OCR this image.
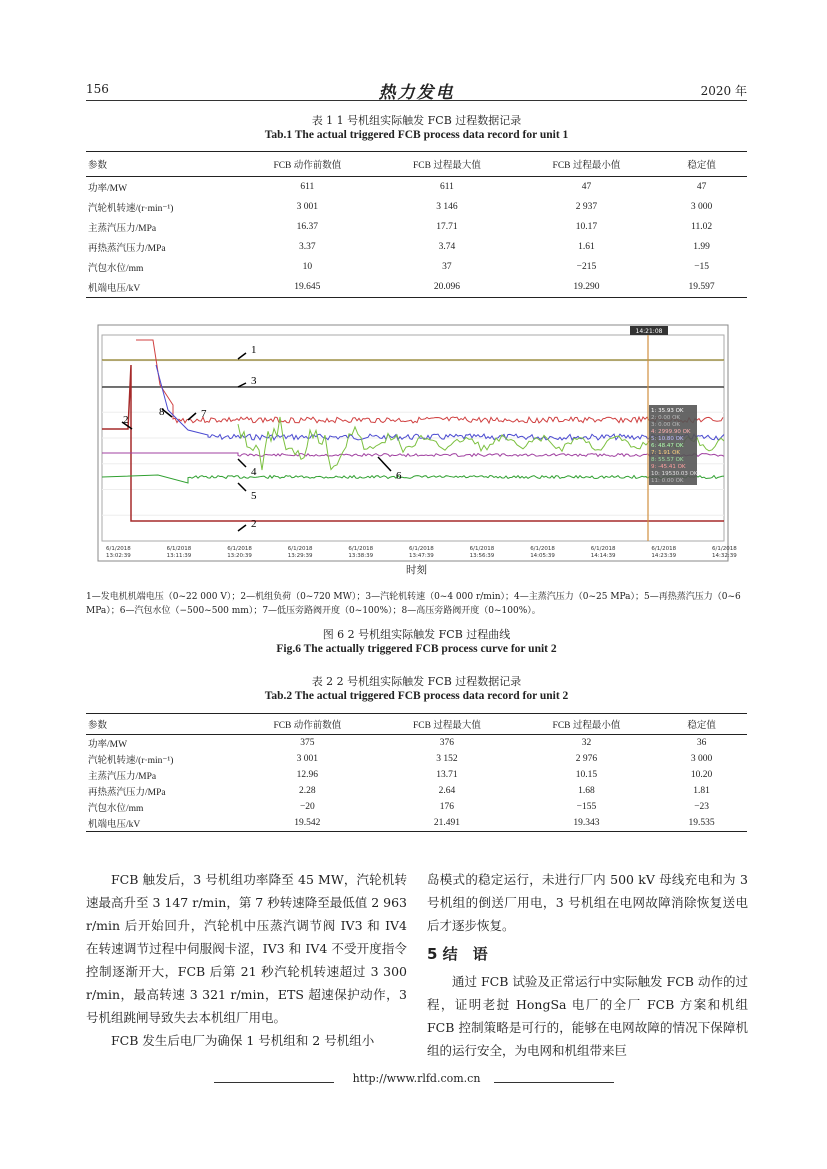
156	热力发电	2020 年
表 1 1 号机组实际触发 FCB 过程数据记录
Tab.1 The actual triggered FCB process data record for unit 1
参数	FCB 动作前数值	FCB 过程最大值	FCB 过程最小值	稳定值
功率/MW	611	611	47	47
汽轮机转速/(r·min⁻¹)	3 001	3 146	2 937	3 000
主蒸汽压力/MPa	16.37	17.71	10.17	11.02
再热蒸汽压力/MPa	3.37	3.74	1.61	1.99
汽包水位/mm	10	37	−215	−15
机端电压/kV	19.645	20.096	19.290	19.597
14:21:08
1: 35.93 OK
2: 0.00 OK
3: 0.00 OK
4: 2999.90 OK
5: 10.80 OK
6: 48.47 OK
7: 1.91 OK
8: 55.57 OK
9: -45.41 OK
10: 19530.03 OK
11: 0.00 OK
1
2
3
4
5
6
7
8
2
6/1/2018
13:02:39
6/1/2018
13:11:39
6/1/2018
13:20:39
6/1/2018
13:29:39
6/1/2018
13:38:39
6/1/2018
13:47:39
6/1/2018
13:56:39
6/1/2018
14:05:39
6/1/2018
14:14:39
6/1/2018
14:23:39
6/1/2018
14:32:39
时刻
1—发电机机端电压（0~22 000 V）；2—机组负荷（0~720 MW）；3—汽轮机转速（0~4 000 r/min）；4—主蒸汽压力（0~25 MPa）；5—再热蒸汽压力（0~6 MPa）；6—汽包水位（−500~500 mm）；7—低压旁路阀开度（0~100%）；8—高压旁路阀开度（0~100%）。
图 6 2 号机组实际触发 FCB 过程曲线
Fig.6 The actually triggered FCB process curve for unit 2
表 2 2 号机组实际触发 FCB 过程数据记录
Tab.2 The actual triggered FCB process data record for unit 2
参数	FCB 动作前数值	FCB 过程最大值	FCB 过程最小值	稳定值
功率/MW	375	376	32	36
汽轮机转速/(r·min⁻¹)	3 001	3 152	2 976	3 000
主蒸汽压力/MPa	12.96	13.71	10.15	10.20
再热蒸汽压力/MPa	2.28	2.64	1.68	1.81
汽包水位/mm	−20	176	−155	−23
机端电压/kV	19.542	21.491	19.343	19.535

FCB 触发后，3 号机组功率降至 45 MW，汽轮机转速最高升至 3 147 r/min，第 7 秒转速降至最低值 2 963 r/min 后开始回升，汽轮机中压蒸汽调节阀 IV3 和 IV4 在转速调节过程中伺服阀卡涩，IV3 和 IV4 不受开度指令控制逐渐开大，FCB 后第 21 秒汽轮机转速超过 3 300 r/min，最高转速 3 321 r/min，ETS 超速保护动作，3 号机组跳闸导致失去本机组厂用电。

FCB 发生后电厂为确保 1 号机组和 2 号机组小

岛模式的稳定运行，未进行厂内 500 kV 母线充电和为 3 号机组的倒送厂用电，3 号机组在电网故障消除恢复送电后才逐步恢复。

5 结　语

通过 FCB 试验及正常运行中实际触发 FCB 动作的过程，证明老挝 HongSa 电厂的全厂 FCB 方案和机组 FCB 控制策略是可行的，能够在电网故障的情况下保障机组的运行安全，为电网和机组带来巨

http://www.rlfd.com.cn
